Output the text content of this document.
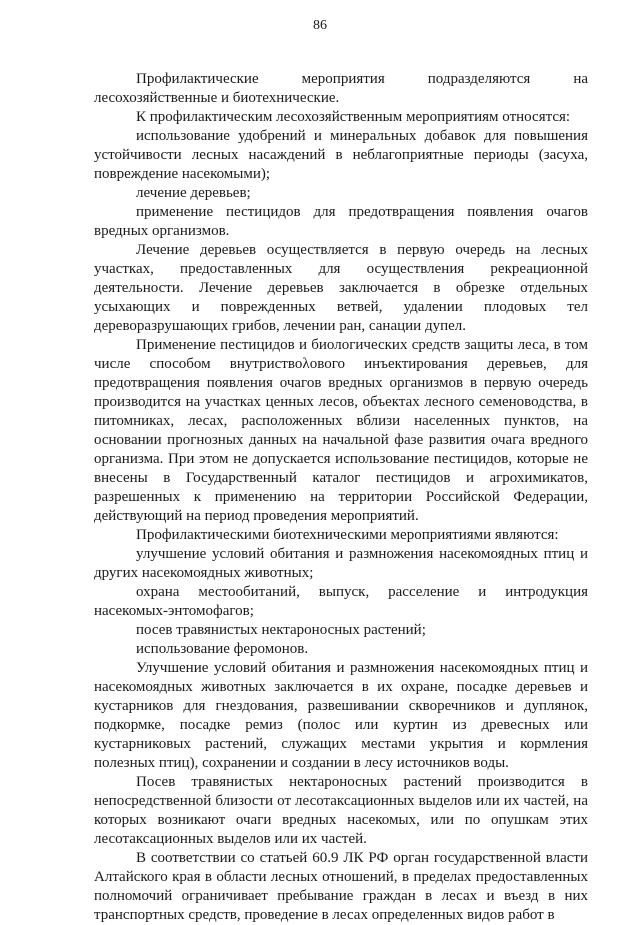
86

Профилактические мероприятия подразделяются на лесохозяйственные и биотехнические.

К профилактическим лесохозяйственным мероприятиям относятся:

использование удобрений и минеральных добавок для повышения устойчивости лесных насаждений в неблагоприятные периоды (засуха, повреждение насекомыми);

лечение деревьев;

применение пестицидов для предотвращения появления очагов вредных организмов.

Лечение деревьев осуществляется в первую очередь на лесных участках, предоставленных для осуществления рекреационной деятельности. Лечение деревьев заключается в обрезке отдельных усыхающих и поврежденных ветвей, удалении плодовых тел дереворазрушающих грибов, лечении ран, санации дупел.

Применение пестицидов и биологических средств защиты леса, в том числе способом внутриствολового инъектирования деревьев, для предотвращения появления очагов вредных организмов в первую очередь производится на участках ценных лесов, объектах лесного семеноводства, в питомниках, лесах, расположенных вблизи населенных пунктов, на основании прогнозных данных на начальной фазе развития очага вредного организма. При этом не допускается использование пестицидов, которые не внесены в Государственный каталог пестицидов и агрохимикатов, разрешенных к применению на территории Российской Федерации, действующий на период проведения мероприятий.

Профилактическими биотехническими мероприятиями являются:

улучшение условий обитания и размножения насекомоядных птиц и других насекомоядных животных;

охрана местообитаний, выпуск, расселение и интродукция насекомых-энтомофагов;

посев травянистых нектароносных растений;

использование феромонов.

Улучшение условий обитания и размножения насекомоядных птиц и насекомоядных животных заключается в их охране, посадке деревьев и кустарников для гнездования, развешивании скворечников и дуплянок, подкормке, посадке ремиз (полос или куртин из древесных или кустарниковых растений, служащих местами укрытия и кормления полезных птиц), сохранении и создании в лесу источников воды.

Посев травянистых нектароносных растений производится в непосредственной близости от лесотаксационных выделов или их частей, на которых возникают очаги вредных насекомых, или по опушкам этих лесотаксационных выделов или их частей.

В соответствии со статьей 60.9 ЛК РФ орган государственной власти Алтайского края в области лесных отношений, в пределах предоставленных полномочий ограничивает пребывание граждан в лесах и въезд в них транспортных средств, проведение в лесах определенных видов работ в
